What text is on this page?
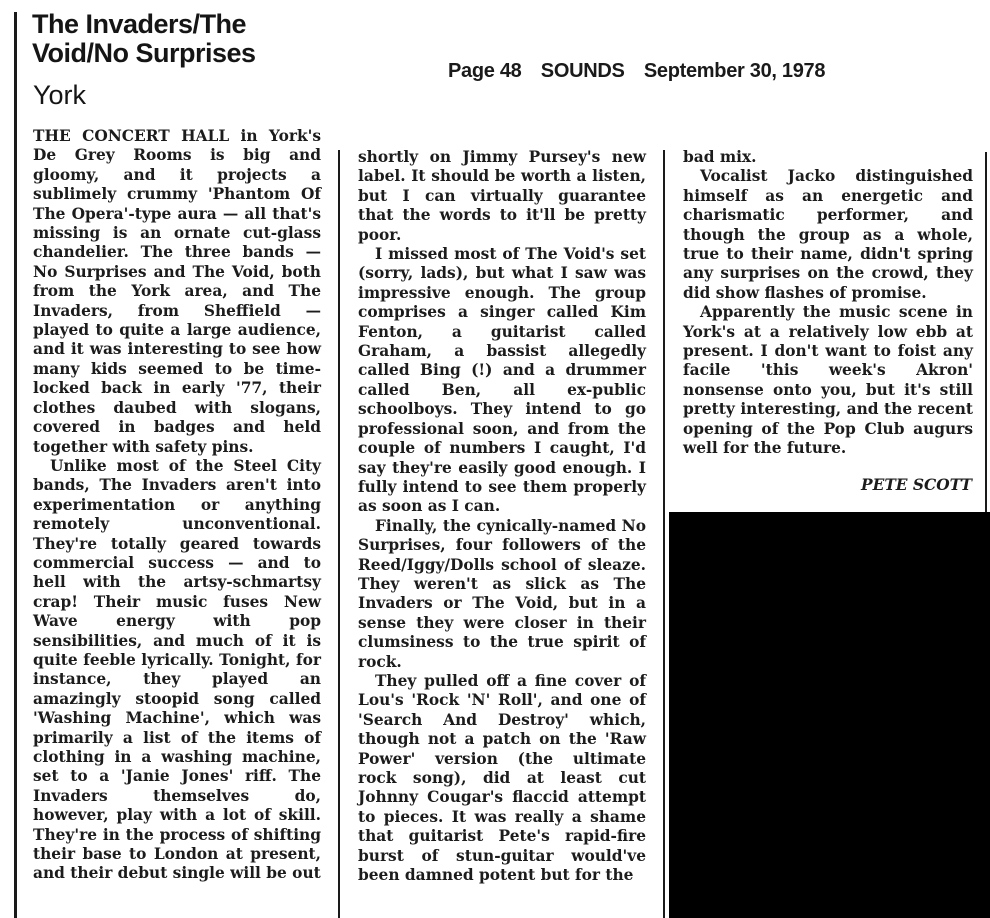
The Invaders/The Void/No Surprises
York
Page 48 SOUNDS September 30, 1978

THE CONCERT HALL in York's De Grey Rooms is big and gloomy, and it projects a sublimely crummy 'Phantom Of The Opera'-type aura — all that's missing is an ornate cut-glass chandelier. The three bands — No Surprises and The Void, both from the York area, and The Invaders, from Sheffield — played to quite a large audience, and it was interesting to see how many kids seemed to be time-locked back in early '77, their clothes daubed with slogans, covered in badges and held together with safety pins.

Unlike most of the Steel City bands, The Invaders aren't into experimentation or anything remotely unconventional. They're totally geared towards commercial success — and to hell with the artsy-schmartsy crap! Their music fuses New Wave energy with pop sensibilities, and much of it is quite feeble lyrically. Tonight, for instance, they played an amazingly stoopid song called 'Washing Machine', which was primarily a list of the items of clothing in a washing machine, set to a 'Janie Jones' riff. The Invaders themselves do, however, play with a lot of skill. They're in the process of shifting their base to London at present, and their debut single will be out

shortly on Jimmy Pursey's new label. It should be worth a listen, but I can virtually guarantee that the words to it'll be pretty poor.

I missed most of The Void's set (sorry, lads), but what I saw was impressive enough. The group comprises a singer called Kim Fenton, a guitarist called Graham, a bassist allegedly called Bing (!) and a drummer called Ben, all ex-public schoolboys. They intend to go professional soon, and from the couple of numbers I caught, I'd say they're easily good enough. I fully intend to see them properly as soon as I can.

Finally, the cynically-named No Surprises, four followers of the Reed/Iggy/Dolls school of sleaze. They weren't as slick as The Invaders or The Void, but in a sense they were closer in their clumsiness to the true spirit of rock.

They pulled off a fine cover of Lou's 'Rock 'N' Roll', and one of 'Search And Destroy' which, though not a patch on the 'Raw Power' version (the ultimate rock song), did at least cut Johnny Cougar's flaccid attempt to pieces. It was really a shame that guitarist Pete's rapid-fire burst of stun-guitar would've been damned potent but for the

bad mix.

Vocalist Jacko distinguished himself as an energetic and charismatic performer, and though the group as a whole, true to their name, didn't spring any surprises on the crowd, they did show flashes of promise.

Apparently the music scene in York's at a relatively low ebb at present. I don't want to foist any facile 'this week's Akron' nonsense onto you, but it's still pretty interesting, and the recent opening of the Pop Club augurs well for the future.

PETE SCOTT
